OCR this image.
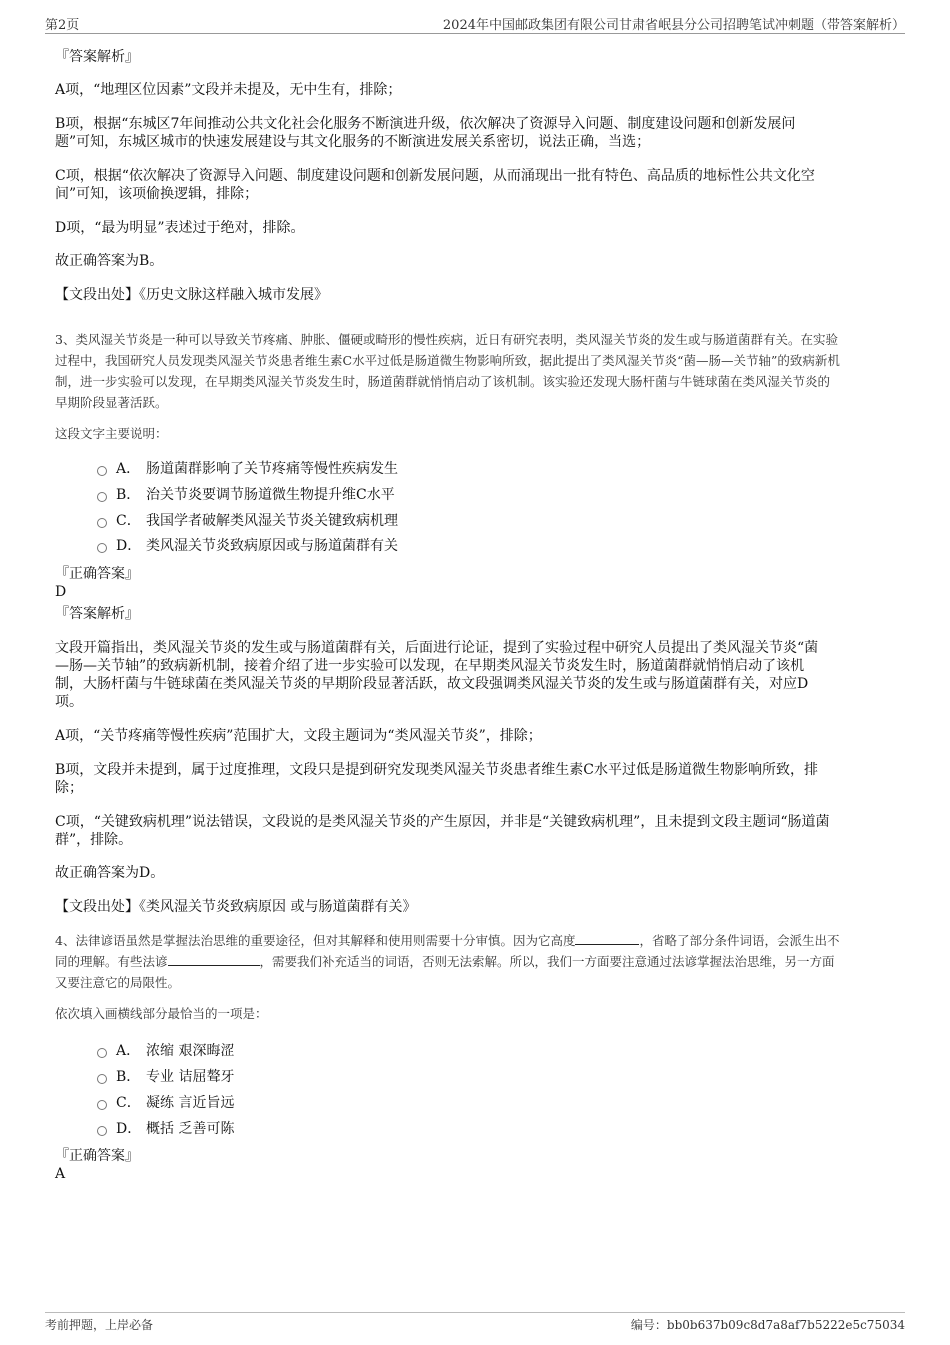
第2页	2024年中国邮政集团有限公司甘肃省岷县分公司招聘笔试冲刺题（带答案解析）
『答案解析』
A项，“地理区位因素”文段并未提及，无中生有，排除；
B项，根据“东城区7年间推动公共文化社会化服务不断演进升级，依次解决了资源导入问题、制度建设问题和创新发展问
题”可知，东城区城市的快速发展建设与其文化服务的不断演进发展关系密切，说法正确，当选；
C项，根据“依次解决了资源导入问题、制度建设问题和创新发展问题，从而涌现出一批有特色、高品质的地标性公共文化空
间”可知，该项偷换逻辑，排除；
D项，“最为明显”表述过于绝对，排除。
故正确答案为B。
【文段出处】《历史文脉这样融入城市发展》
3、类风湿关节炎是一种可以导致关节疼痛、肿胀、僵硬或畸形的慢性疾病，近日有研究表明，类风湿关节炎的发生或与肠道菌群有关。在实验
过程中，我国研究人员发现类风湿关节炎患者维生素C水平过低是肠道微生物影响所致，据此提出了类风湿关节炎“菌—肠—关节轴”的致病新机
制，进一步实验可以发现，在早期类风湿关节炎发生时，肠道菌群就悄悄启动了该机制。该实验还发现大肠杆菌与牛链球菌在类风湿关节炎的
早期阶段显著活跃。
这段文字主要说明：
A． 肠道菌群影响了关节疼痛等慢性疾病发生
B． 治关节炎要调节肠道微生物提升维C水平
C． 我国学者破解类风湿关节炎关键致病机理
D． 类风湿关节炎致病原因或与肠道菌群有关
『正确答案』
D
『答案解析』
文段开篇指出，类风湿关节炎的发生或与肠道菌群有关，后面进行论证，提到了实验过程中研究人员提出了类风湿关节炎“菌
—肠—关节轴”的致病新机制，接着介绍了进一步实验可以发现，在早期类风湿关节炎发生时，肠道菌群就悄悄启动了该机
制，大肠杆菌与牛链球菌在类风湿关节炎的早期阶段显著活跃，故文段强调类风湿关节炎的发生或与肠道菌群有关，对应D
项。
A项，“关节疼痛等慢性疾病”范围扩大，文段主题词为“类风湿关节炎”，排除；
B项，文段并未提到，属于过度推理，文段只是提到研究发现类风湿关节炎患者维生素C水平过低是肠道微生物影响所致，排
除；
C项，“关键致病机理”说法错误，文段说的是类风湿关节炎的产生原因，并非是“关键致病机理”，且未提到文段主题词“肠道菌
群”，排除。
故正确答案为D。
【文段出处】《类风湿关节炎致病原因 或与肠道菌群有关》
4、法律谚语虽然是掌握法治思维的重要途径，但对其解释和使用则需要十分审慎。因为它高度	，省略了部分条件词语，会派生出不
同的理解。有些法谚	，需要我们补充适当的词语，否则无法索解。所以，我们一方面要注意通过法谚掌握法治思维，另一方面
又要注意它的局限性。
依次填入画横线部分最恰当的一项是：
A． 浓缩 艰深晦涩
B． 专业 诘屈聱牙
C． 凝练 言近旨远
D． 概括 乏善可陈
『正确答案』
A
考前押题，上岸必备	编号：bb0b637b09c8d7a8af7b5222e5c75034
